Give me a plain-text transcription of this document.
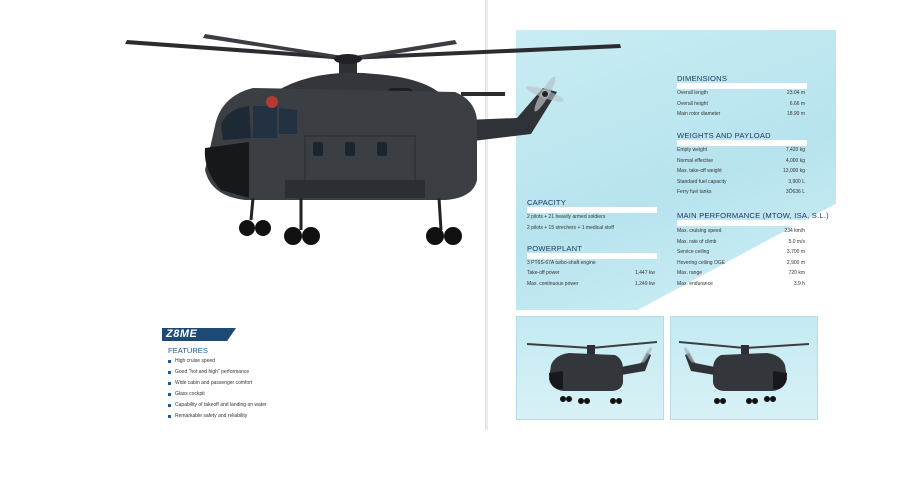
Z8ME
FEATURES
High cruise speed
Good "hot and high" performance
Wide cabin and passenger comfort
Glass cockpit
Capability of takeoff and landing on water
Remarkable safety and reliability
CAPACITY
2 pilots + 21 heavily armed soldiers
2 pilots + 15 strechers + 1 medical stoff
POWERPLANT
3 PT6S-67A turbo-shaft engine
Take-off power	1,447 kw
Max. continuous power	1,249 kw
DIMENSIONS
Overall length	23.04 m
Overall height	6.66 m
Main rotor diameter	18.90 m
WEIGHTS AND PAYLOAD
Empty weight	7,420 kg
Normal effective	4,000 kg
Max. take-off weight	13,000 kg
Standard fuel capacity	3,900 L
Ferry fuel tanks	3Ô636 L
MAIN PERFORMANCE (MTOW, ISA, S.L.)
Max. cruising speed	234 km/h
Max. rate of climb	5.0 m/s
Service ceiling	3,700 m
Hovering ceiling OGE	2,900 m
Max. range	720 km
Max. endurance	3.9 h
